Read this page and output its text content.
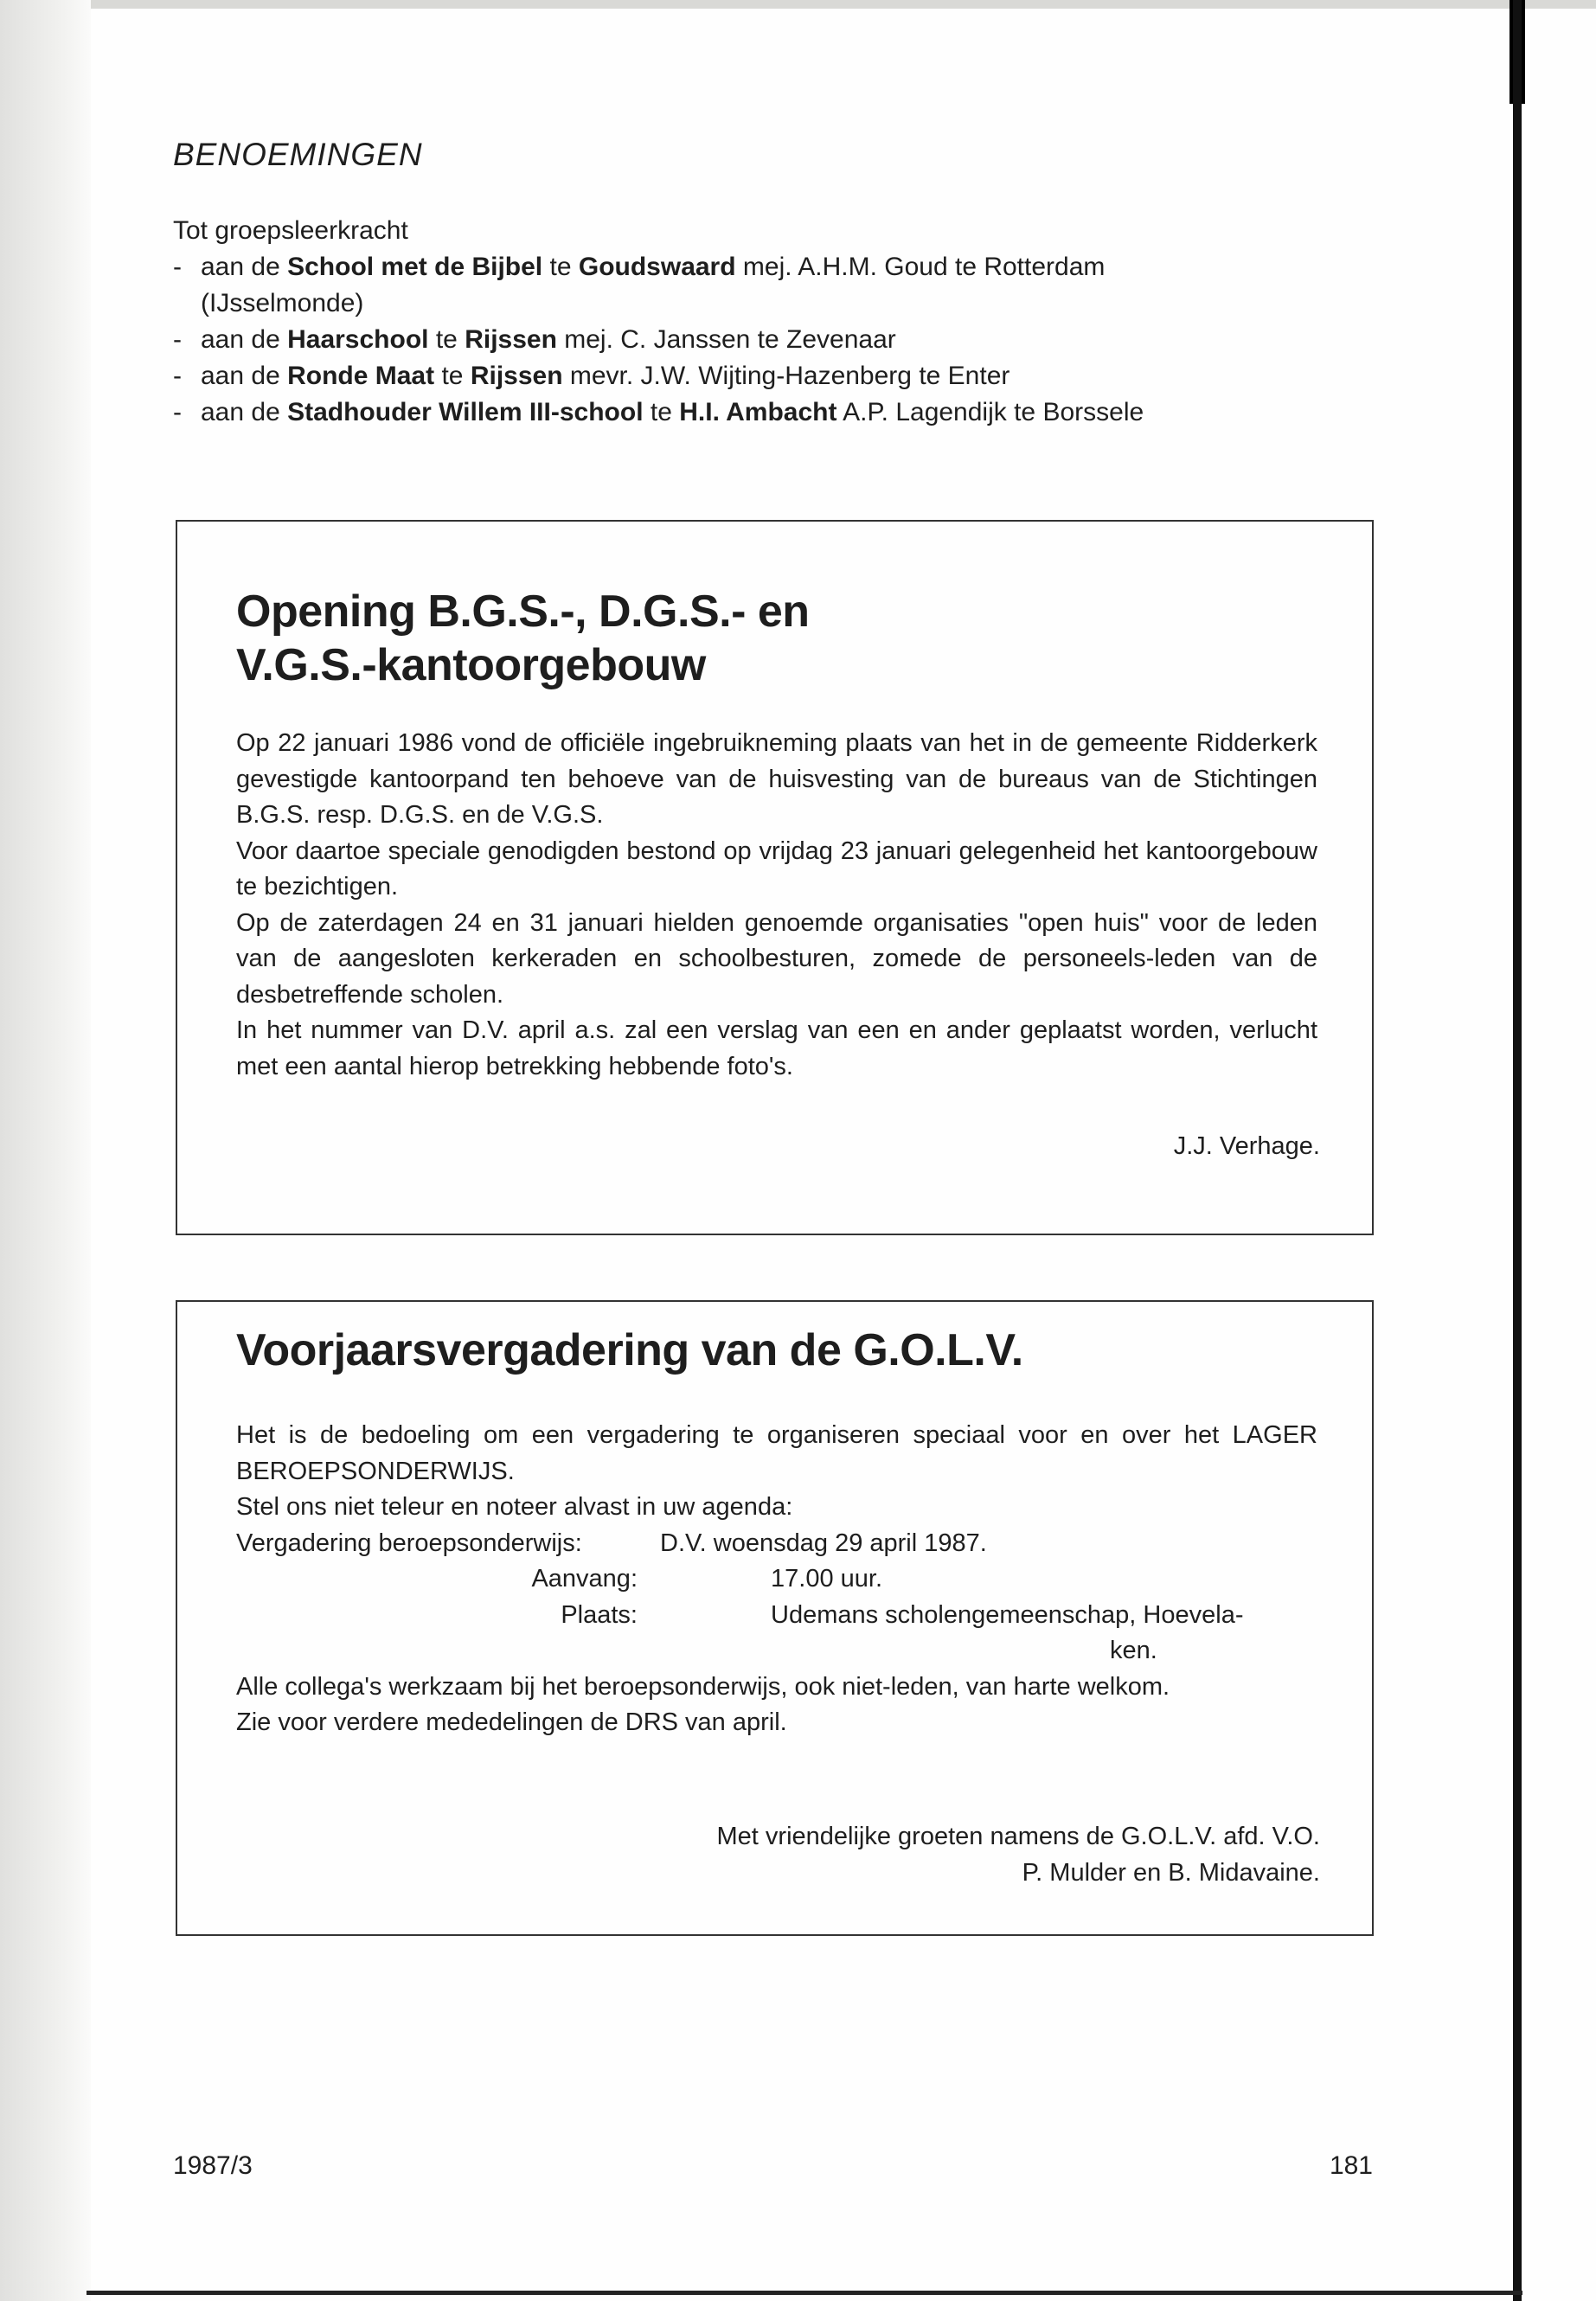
BENOEMINGEN
Tot groepsleerkracht
- aan de School met de Bijbel te Goudswaard mej. A.H.M. Goud te Rotterdam
(IJsselmonde)
- aan de Haarschool te Rijssen mej. C. Janssen te Zevenaar
- aan de Ronde Maat te Rijssen mevr. J.W. Wijting-Hazenberg te Enter
- aan de Stadhouder Willem III-school te H.I. Ambacht A.P. Lagendijk te Borssele
Opening B.G.S.-, D.G.S.- en
V.G.S.-kantoorgebouw

Op 22 januari 1986 vond de officiële ingebruikneming plaats van het in de gemeente Ridderkerk gevestigde kantoorpand ten behoeve van de huisvesting van de bureaus van de Stichtingen B.G.S. resp. D.G.S. en de V.G.S.

Voor daartoe speciale genodigden bestond op vrijdag 23 januari gelegenheid het kantoorgebouw te bezichtigen.

Op de zaterdagen 24 en 31 januari hielden genoemde organisaties "open huis" voor de leden van de aangesloten kerkeraden en schoolbesturen, zomede de personeels-leden van de desbetreffende scholen.

In het nummer van D.V. april a.s. zal een verslag van een en ander geplaatst worden, verlucht met een aantal hierop betrekking hebbende foto's.

J.J. Verhage.
Voorjaarsvergadering van de G.O.L.V.

Het is de bedoeling om een vergadering te organiseren speciaal voor en over het LAGER BEROEPSONDERWIJS.

Stel ons niet teleur en noteer alvast in uw agenda:

Vergadering beroepsonderwijs:	D.V. woensdag 29 april 1987.
Aanvang:	17.00 uur.
Plaats:	Udemans scholengemeenschap, Hoevela-
ken.

Alle collega's werkzaam bij het beroepsonderwijs, ook niet-leden, van harte welkom.

Zie voor verdere mededelingen de DRS van april.

Met vriendelijke groeten namens de G.O.L.V. afd. V.O.
P. Mulder en B. Midavaine.
1987/3	181
